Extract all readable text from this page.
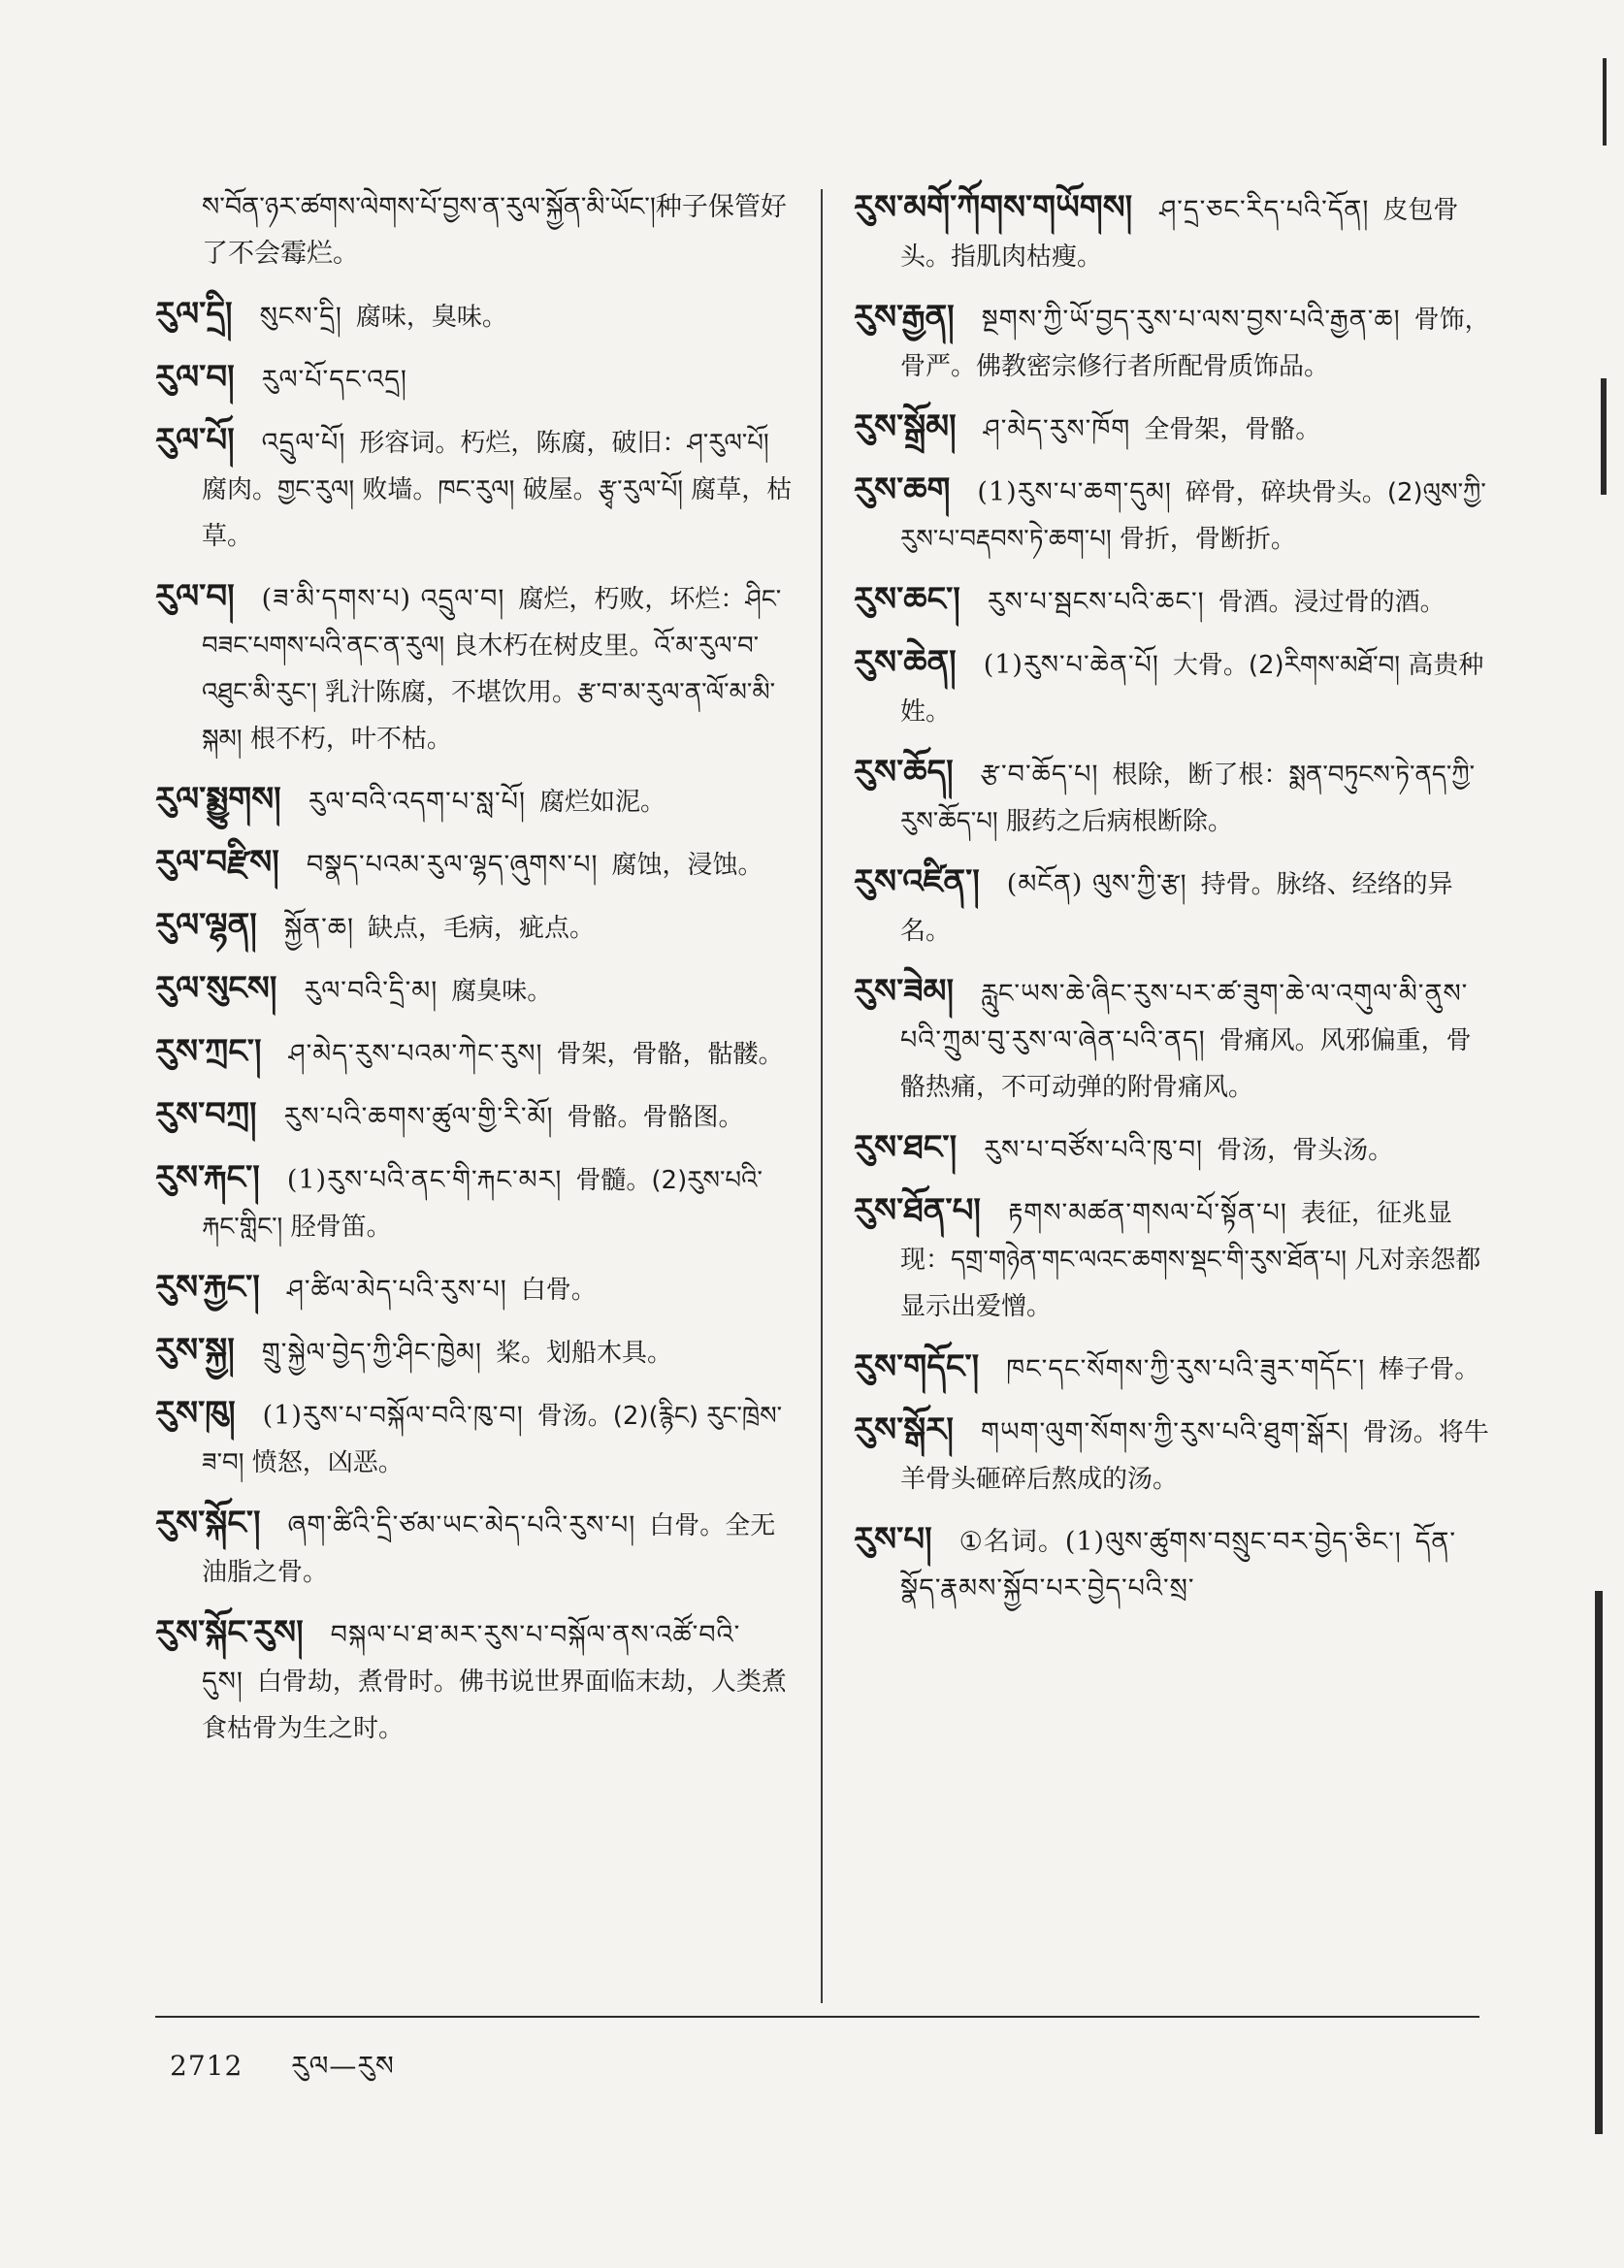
ས་བོན་ཉར་ཚགས་ལེགས་པོ་བྱས་ན་རུལ་སྐྱོན་མི་ཡོང་།种子保管好了不会霉烂。

རུལ་དྲི། སུངས་དྲི། 腐味，臭味。

རུལ་བ། རུལ་པོ་དང་འདྲ།

རུལ་པོ། འདྲུལ་པོ། 形容词。朽烂，陈腐，破旧：ཤ་རུལ་པོ། 腐肉。གྱང་རུལ། 败墙。ཁང་རུལ། 破屋。རྩྭ་རུལ་པོ། 腐草，枯草。

རུལ་བ། (ཟ་མི་དགས་པ) འདྲུལ་བ། 腐烂，朽败，坏烂：ཤིང་བཟང་པགས་པའི་ནང་ན་རུལ། 良木朽在树皮里。འོ་མ་རུལ་བ་འཐུང་མི་རུང་། 乳汁陈腐，不堪饮用。རྩ་བ་མ་རུལ་ན་ལོ་མ་མི་སྐམ། 根不朽，叶不枯。

རུལ་སྨྱུགས། རུལ་བའི་འདག་པ་སླ་པོ། 腐烂如泥。

རུལ་བརྫིས། བསྣད་པའམ་རུལ་ལྷད་ཞུགས་པ། 腐蚀，浸蚀。

རུལ་ལྷན། སྐྱོན་ཆ། 缺点，毛病，疵点。

རུལ་སུངས། རུལ་བའི་དྲི་མ། 腐臭味。

རུས་ཀྲང་། ཤ་མེད་རུས་པའམ་ཀེང་རུས། 骨架，骨骼，骷髅。

རུས་བཀྲ། རུས་པའི་ཆགས་ཚུལ་གྱི་རི་མོ། 骨骼。骨骼图。

རུས་རྐང་། (1)རུས་པའི་ནང་གི་རྐང་མར། 骨髓。(2)རུས་པའི་རྐང་གླིང་། 胫骨笛。

རུས་རྐྱང་། ཤ་ཚིལ་མེད་པའི་རུས་པ། 白骨。

རུས་སྐྱ། གྲུ་སྐྱེལ་བྱེད་ཀྱི་ཤིང་ཁྱེམ། 桨。划船木具。

རུས་ཁུ། (1)རུས་པ་བསྐོལ་བའི་ཁུ་བ། 骨汤。(2)(རྙིང) རུང་ཁྲེས་ཟ་བ། 愤怒，凶恶。

རུས་སྐོང་། ཞག་ཚིའི་དྲི་ཙམ་ཡང་མེད་པའི་རུས་པ། 白骨。全无油脂之骨。

རུས་སྐོང་རུས། བསྐལ་པ་ཐ་མར་རུས་པ་བསྐོལ་ནས་འཚོ་བའི་དུས། 白骨劫，煮骨时。佛书说世界面临末劫，人类煮食枯骨为生之时。

རུས་མགོ་ཀོགས་གཡོགས། ཤ་དྲ་ཅང་རིད་པའི་དོན། 皮包骨头。指肌肉枯瘦。

རུས་རྒྱན། སྔགས་ཀྱི་ཡོ་བྱད་རུས་པ་ལས་བྱས་པའི་རྒྱན་ཆ། 骨饰，骨严。佛教密宗修行者所配骨质饰品。

རུས་སྒྲོམ། ཤ་མེད་རུས་ཁོག 全骨架，骨骼。

རུས་ཆག (1)རུས་པ་ཆག་དུམ། 碎骨，碎块骨头。(2)ལུས་ཀྱི་རུས་པ་བརྡབས་ཏེ་ཆག་པ། 骨折，骨断折。

རུས་ཆང་། རུས་པ་སྦངས་པའི་ཆང་། 骨酒。浸过骨的酒。

རུས་ཆེན། (1)རུས་པ་ཆེན་པོ། 大骨。(2)རིགས་མཐོ་བ། 高贵种姓。

རུས་ཆོད། རྩ་བ་ཆོད་པ། 根除，断了根：སྨན་བཏུངས་ཏེ་ནད་ཀྱི་རུས་ཆོད་པ། 服药之后病根断除。

རུས་འཛིན་། (མངོན) ལུས་ཀྱི་རྩ། 持骨。脉络、经络的异名。

རུས་ཟེམ། རླུང་ཡས་ཆེ་ཞིང་རུས་པར་ཚ་ཟུག་ཆེ་ལ་འགུལ་མི་ནུས་པའི་ཀྲུམ་བུ་རུས་ལ་ཞེན་པའི་ནད། 骨痛风。风邪偏重，骨骼热痛，不可动弹的附骨痛风。

རུས་ཐང་། རུས་པ་བཙོས་པའི་ཁུ་བ། 骨汤，骨头汤。

རུས་ཐོན་པ། རྟགས་མཚན་གསལ་པོ་སྟོན་པ། 表征，征兆显现：དགྲ་གཉེན་གང་ལའང་ཆགས་སྡང་གི་རུས་ཐོན་པ། 凡对亲怨都显示出爱憎。

རུས་གདོང་། ཁང་དང་སོགས་ཀྱི་རུས་པའི་ཟུར་གདོང་། 棒子骨。

རུས་སྒོར། གཡག་ལུག་སོགས་ཀྱི་རུས་པའི་ཐུག་སྒོར། 骨汤。将牛羊骨头砸碎后熬成的汤。

རུས་པ། ①名词。(1)ལུས་ཚུགས་བསྲུང་བར་བྱེད་ཅིང་། དོན་སྣོད་རྣམས་སྐྱོབ་པར་བྱེད་པའི་སྲ་

2712 རུལ—རུས
